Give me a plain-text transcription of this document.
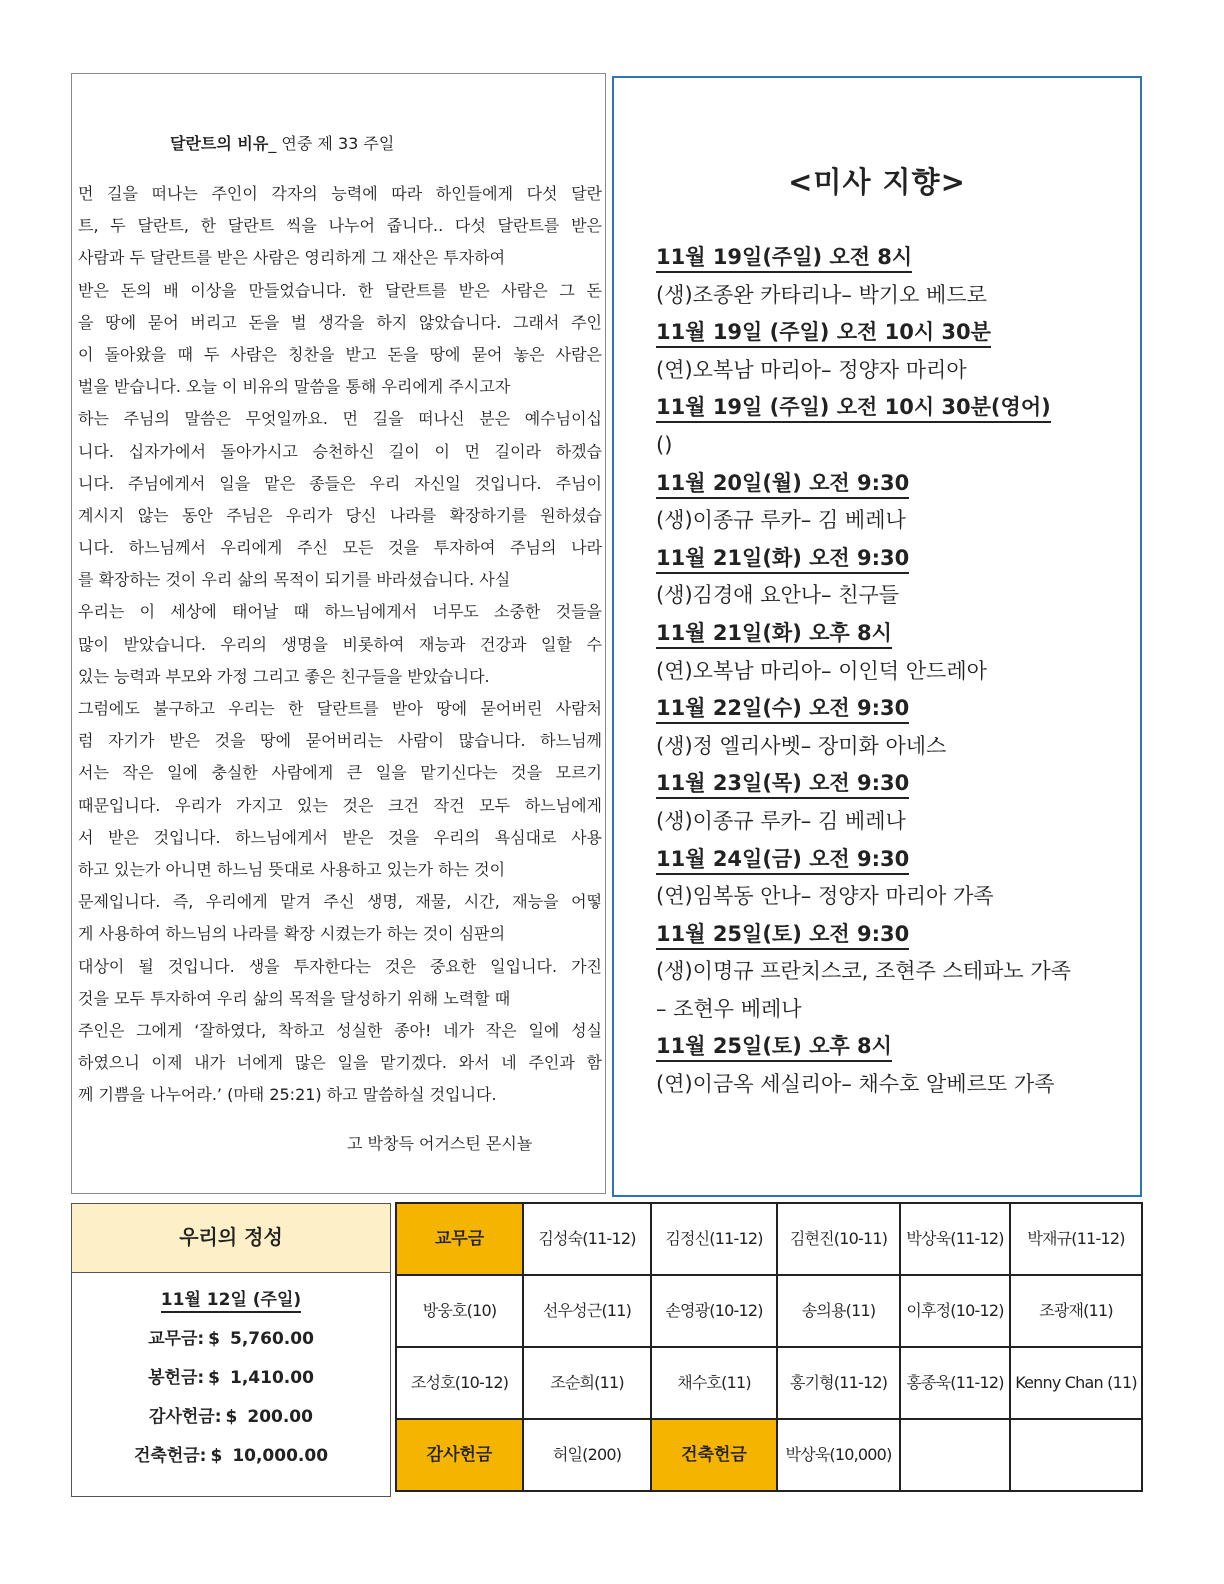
달란트의 비유_ 연중 제 33 주일
먼 길을 떠나는 주인이 각자의 능력에 따라 하인들에게 다섯 달란
트, 두 달란트, 한 달란트 씩을 나누어 줍니다.. 다섯 달란트를 받은
사람과 두 달란트를 받은 사람은 영리하게 그 재산은 투자하여
받은 돈의 배 이상을 만들었습니다. 한 달란트를 받은 사람은 그 돈
을 땅에 묻어 버리고 돈을 벌 생각을 하지 않았습니다. 그래서 주인
이 돌아왔을 때 두 사람은 칭찬을 받고 돈을 땅에 묻어 놓은 사람은
벌을 받습니다. 오늘 이 비유의 말씀을 통해 우리에게 주시고자
하는 주님의 말씀은 무엇일까요. 먼 길을 떠나신 분은 예수님이십
니다. 십자가에서 돌아가시고 승천하신 길이 이 먼 길이라 하겠습
니다. 주님에게서 일을 맡은 종들은 우리 자신일 것입니다. 주님이
계시지 않는 동안 주님은 우리가 당신 나라를 확장하기를 원하셨습
니다. 하느님께서 우리에게 주신 모든 것을 투자하여 주님의 나라
를 확장하는 것이 우리 삶의 목적이 되기를 바라셨습니다. 사실
우리는 이 세상에 태어날 때 하느님에게서 너무도 소중한 것들을
많이 받았습니다. 우리의 생명을 비롯하여 재능과 건강과 일할 수
있는 능력과 부모와 가정 그리고 좋은 친구들을 받았습니다.
그럼에도 불구하고 우리는 한 달란트를 받아 땅에 묻어버린 사람처
럼 자기가 받은 것을 땅에 묻어버리는 사람이 많습니다. 하느님께
서는 작은 일에 충실한 사람에게 큰 일을 맡기신다는 것을 모르기
때문입니다. 우리가 가지고 있는 것은 크건 작건 모두 하느님에게
서 받은 것입니다. 하느님에게서 받은 것을 우리의 욕심대로 사용
하고 있는가 아니면 하느님 뜻대로 사용하고 있는가 하는 것이
문제입니다. 즉, 우리에게 맡겨 주신 생명, 재물, 시간, 재능을 어떻
게 사용하여 하느님의 나라를 확장 시켰는가 하는 것이 심판의
대상이 될 것입니다. 생을 투자한다는 것은 중요한 일입니다. 가진
것을 모두 투자하여 우리 삶의 목적을 달성하기 위해 노력할 때
주인은 그에게 ‘잘하였다, 착하고 성실한 종아! 네가 작은 일에 성실
하였으니 이제 내가 너에게 많은 일을 맡기겠다. 와서 네 주인과 함
께 기쁨을 나누어라.’ (마태 25:21) 하고 말씀하실 것입니다.
고 박창득 어거스틴 몬시뇰
<미사 지향>
11월 19일(주일) 오전 8시
(생)조종완 카타리나– 박기오 베드로
11월 19일 (주일) 오전 10시 30분
(연)오복남 마리아– 정양자 마리아
11월 19일 (주일) 오전 10시 30분(영어)
()
11월 20일(월) 오전 9:30
(생)이종규 루카– 김 베레나
11월 21일(화) 오전 9:30
(생)김경애 요안나– 친구들
11월 21일(화) 오후 8시
(연)오복남 마리아– 이인덕 안드레아
11월 22일(수) 오전 9:30
(생)정 엘리사벳– 장미화 아네스
11월 23일(목) 오전 9:30
(생)이종규 루카– 김 베레나
11월 24일(금) 오전 9:30
(연)임복동 안나– 정양자 마리아 가족
11월 25일(토) 오전 9:30
(생)이명규 프란치스코, 조현주 스테파노 가족
– 조현우 베레나
11월 25일(토) 오후 8시
(연)이금옥 세실리아– 채수호 알베르또 가족
우리의 정성
11월 12일 (주일)
교무금: $ 5,760.00
봉헌금: $ 1,410.00
감사헌금: $ 200.00
건축헌금: $ 10,000.00
교무금	김성숙(11-12)	김정신(11-12)	김현진(10-11)	박상욱(11-12)	박재규(11-12)
방웅호(10)	선우성근(11)	손영광(10-12)	송의용(11)	이후정(10-12)	조광재(11)
조성호(10-12)	조순희(11)	채수호(11)	홍기형(11-12)	홍종욱(11-12)	Kenny Chan (11)
감사헌금	허일(200)	건축헌금	박상욱(10,000)		
